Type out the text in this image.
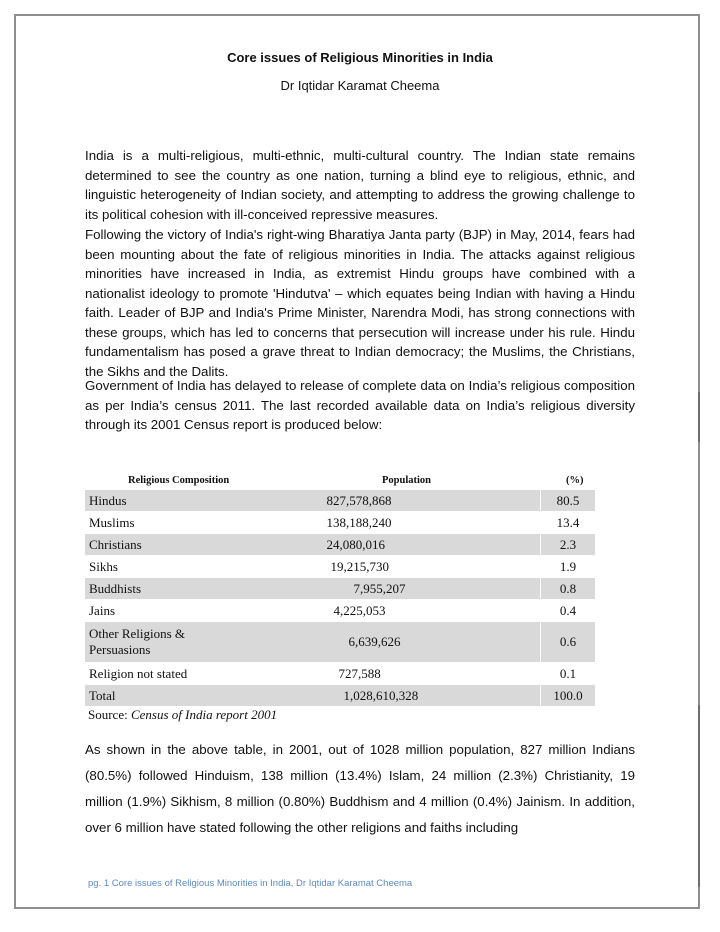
Core issues of Religious Minorities in India
Dr Iqtidar Karamat Cheema

India is a multi-religious, multi-ethnic, multi-cultural country. The Indian state remains determined to see the country as one nation, turning a blind eye to religious, ethnic, and linguistic heterogeneity of Indian society, and attempting to address the growing challenge to its political cohesion with ill-conceived repressive measures.

Following the victory of India's right-wing Bharatiya Janta party (BJP) in May, 2014, fears had been mounting about the fate of religious minorities in India. The attacks against religious minorities have increased in India, as extremist Hindu groups have combined with a nationalist ideology to promote 'Hindutva' – which equates being Indian with having a Hindu faith. Leader of BJP and India's Prime Minister, Narendra Modi, has strong connections with these groups, which has led to concerns that persecution will increase under his rule. Hindu fundamentalism has posed a grave threat to Indian democracy; the Muslims, the Christians, the Sikhs and the Dalits.

Government of India has delayed to release of complete data on India’s religious composition as per India’s census 2011. The last recorded available data on India’s religious diversity through its 2001 Census report is produced below:

Religious Composition	Population	(%)
Hindus	827,578,868	80.5
Muslims	138,188,240	13.4
Christians	24,080,016	2.3
Sikhs	19,215,730	1.9
Buddhists	7,955,207	0.8
Jains	4,225,053	0.4
Other Religions & Persuasions	6,639,626	0.6
Religion not stated	727,588	0.1
Total	1,028,610,328	100.0
Source: Census of India report 2001

As shown in the above table, in 2001, out of 1028 million population, 827 million Indians (80.5%) followed Hinduism, 138 million (13.4%) Islam, 24 million (2.3%) Christianity, 19 million (1.9%) Sikhism, 8 million (0.80%) Buddhism and 4 million (0.4%) Jainism. In addition, over 6 million have stated following the other religions and faiths including

pg. 1 Core issues of Religious Minorities in India, Dr Iqtidar Karamat Cheema
